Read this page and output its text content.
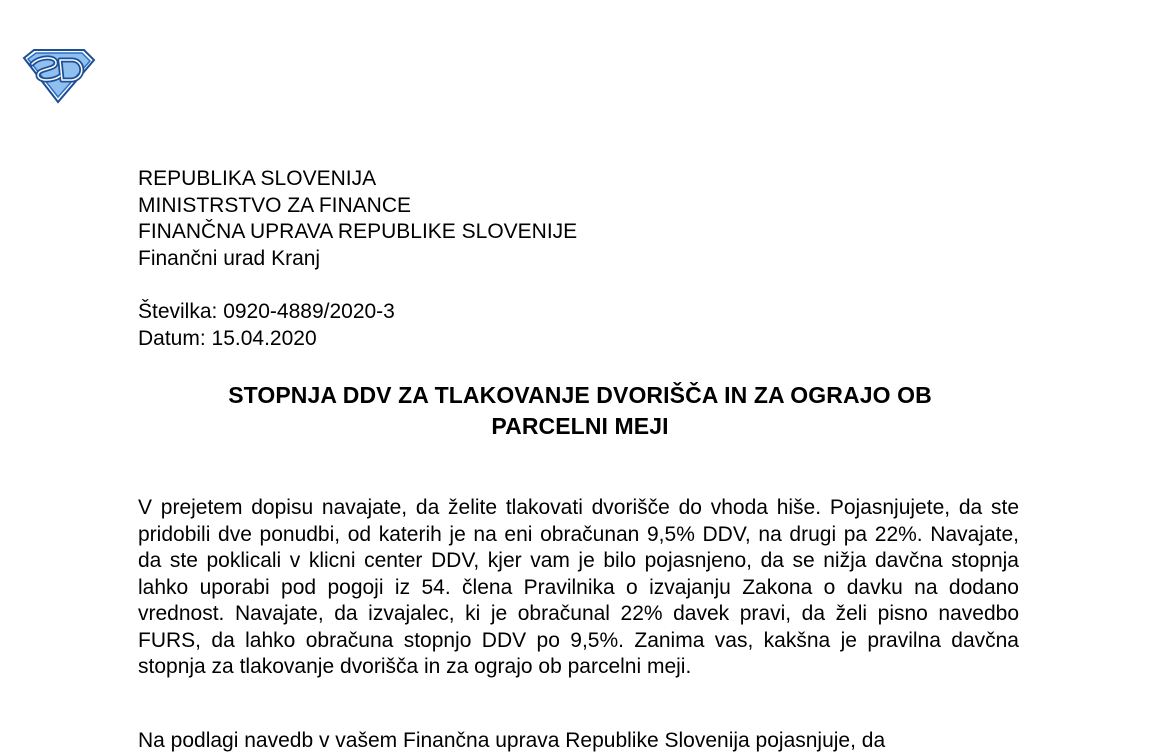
REPUBLIKA SLOVENIJA
MINISTRSTVO ZA FINANCE
FINANČNA UPRAVA REPUBLIKE SLOVENIJE
Finančni urad Kranj
Številka: 0920-4889/2020-3
Datum: 15.04.2020
STOPNJA DDV ZA TLAKOVANJE DVORIŠČA IN ZA OGRAJO OB
PARCELNI MEJI

V prejetem dopisu navajate, da želite tlakovati dvorišče do vhoda hiše. Pojasnjujete, da ste pridobili dve ponudbi, od katerih je na eni obračunan 9,5% DDV, na drugi pa 22%. Navajate, da ste poklicali v klicni center DDV, kjer vam je bilo pojasnjeno, da se nižja davčna stopnja lahko uporabi pod pogoji iz 54. člena Pravilnika o izvajanju Zakona o davku na dodano vrednost. Navajate, da izvajalec, ki je obračunal 22% davek pravi, da želi pisno navedbo FURS, da lahko obračuna stopnjo DDV po 9,5%. Zanima vas, kakšna je pravilna davčna stopnja za tlakovanje dvorišča in za ograjo ob parcelni meji.

Na podlagi navedb v vašem Finančna uprava Republike Slovenija pojasnjuje, da
